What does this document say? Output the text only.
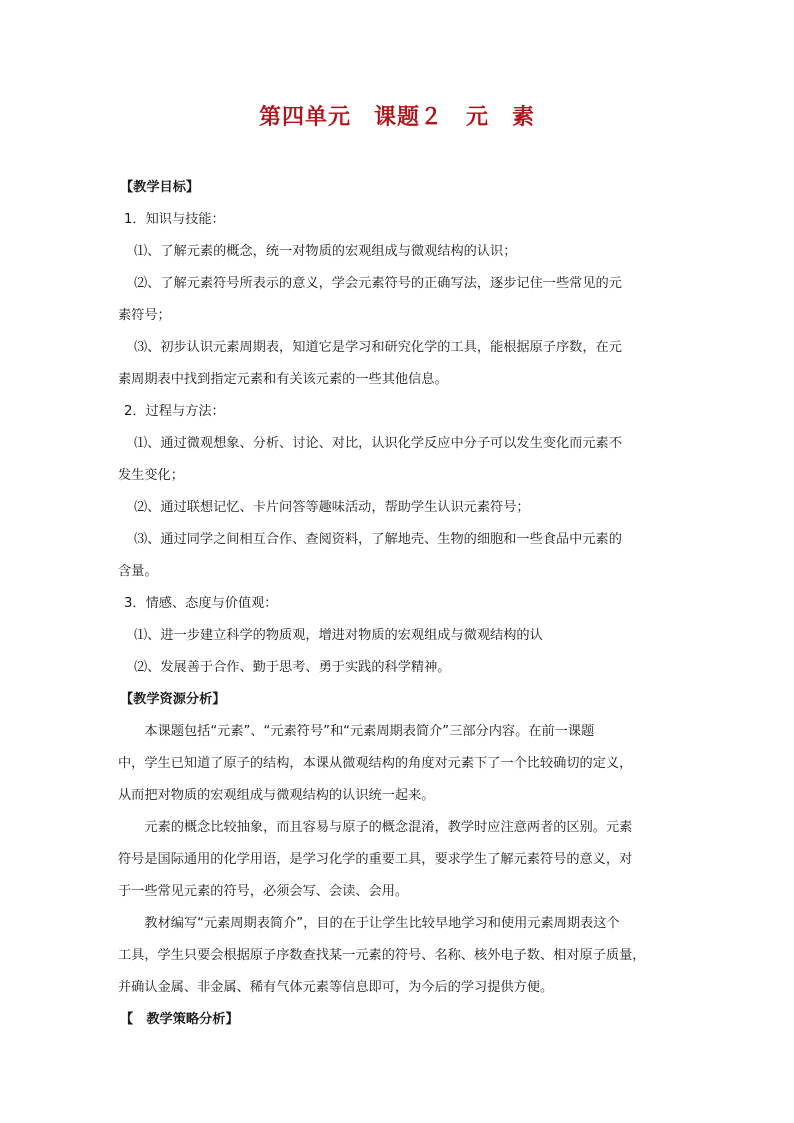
第四单元　课题２　元　素

【教学目标】

1．知识与技能：

⑴、了解元素的概念，统一对物质的宏观组成与微观结构的认识；

⑵、了解元素符号所表示的意义，学会元素符号的正确写法，逐步记住一些常见的元

素符号；

⑶、初步认识元素周期表，知道它是学习和研究化学的工具，能根据原子序数，在元

素周期表中找到指定元素和有关该元素的一些其他信息。

2．过程与方法：

⑴、通过微观想象、分析、讨论、对比，认识化学反应中分子可以发生变化而元素不

发生变化；

⑵、通过联想记忆、卡片问答等趣味活动，帮助学生认识元素符号；

⑶、通过同学之间相互合作、查阅资料，了解地壳、生物的细胞和一些食品中元素的

含量。

3．情感、态度与价值观：

⑴、进一步建立科学的物质观，增进对物质的宏观组成与微观结构的认

⑵、发展善于合作、勤于思考、勇于实践的科学精神。

【教学资源分析】

本课题包括“元素”、“元素符号”和“元素周期表简介”三部分内容。在前一课题

中，学生已知道了原子的结构，本课从微观结构的角度对元素下了一个比较确切的定义，

从而把对物质的宏观组成与微观结构的认识统一起来。

元素的概念比较抽象，而且容易与原子的概念混淆，教学时应注意两者的区别。元素

符号是国际通用的化学用语，是学习化学的重要工具，要求学生了解元素符号的意义，对

于一些常见元素的符号，必须会写、会读、会用。

教材编写“元素周期表简介”，目的在于让学生比较早地学习和使用元素周期表这个

工具，学生只要会根据原子序数查找某一元素的符号、名称、核外电子数、相对原子质量，

并确认金属、非金属、稀有气体元素等信息即可，为今后的学习提供方便。

【　教学策略分析】
